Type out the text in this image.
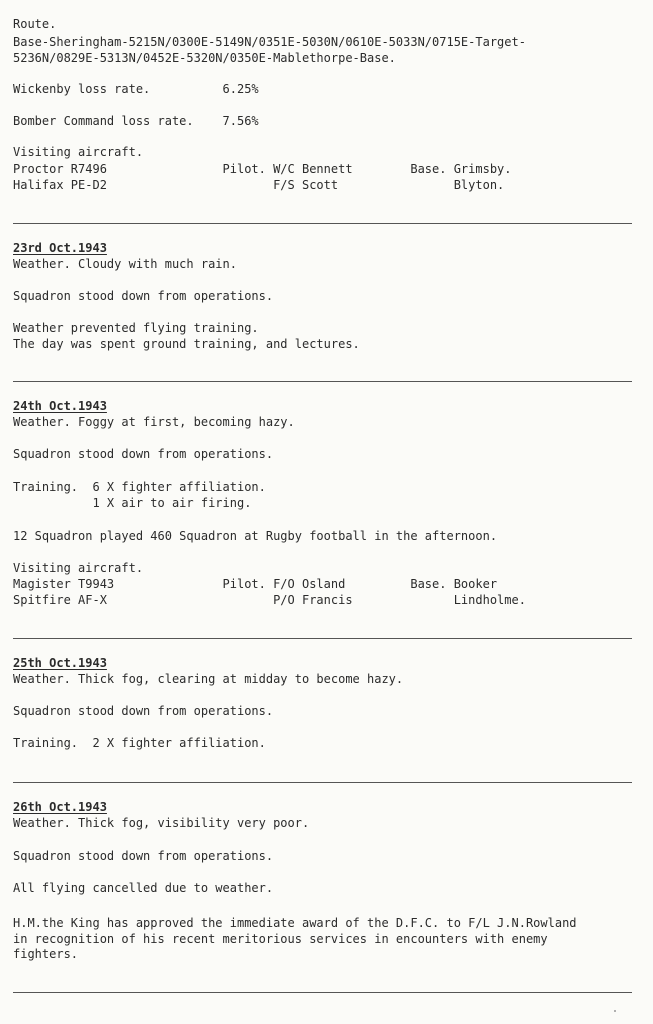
Route.
Base-Sheringham-5215N/0300E-5149N/0351E-5030N/0610E-5033N/0715E-Target-
5236N/0829E-5313N/0452E-5320N/0350E-Mablethorpe-Base.
Wickenby loss rate.          6.25%
Bomber Command loss rate.    7.56%
Visiting aircraft.
Proctor R7496                Pilot. W/C Bennett        Base. Grimsby.
Halifax PE-D2                       F/S Scott                Blyton.
23rd Oct.1943
Weather. Cloudy with much rain.
Squadron stood down from operations.
Weather prevented flying training.
The day was spent ground training, and lectures.
24th Oct.1943
Weather. Foggy at first, becoming hazy.
Squadron stood down from operations.
Training.  6 X fighter affiliation.
1 X air to air firing.
12 Squadron played 460 Squadron at Rugby football in the afternoon.
Visiting aircraft.
Magister T9943               Pilot. F/O Osland         Base. Booker
Spitfire AF-X                       P/O Francis              Lindholme.
25th Oct.1943
Weather. Thick fog, clearing at midday to become hazy.
Squadron stood down from operations.
Training.  2 X fighter affiliation.
26th Oct.1943
Weather. Thick fog, visibility very poor.
Squadron stood down from operations.
All flying cancelled due to weather.
H.M.the King has approved the immediate award of the D.F.C. to F/L J.N.Rowland
in recognition of his recent meritorious services in encounters with enemy
fighters.
